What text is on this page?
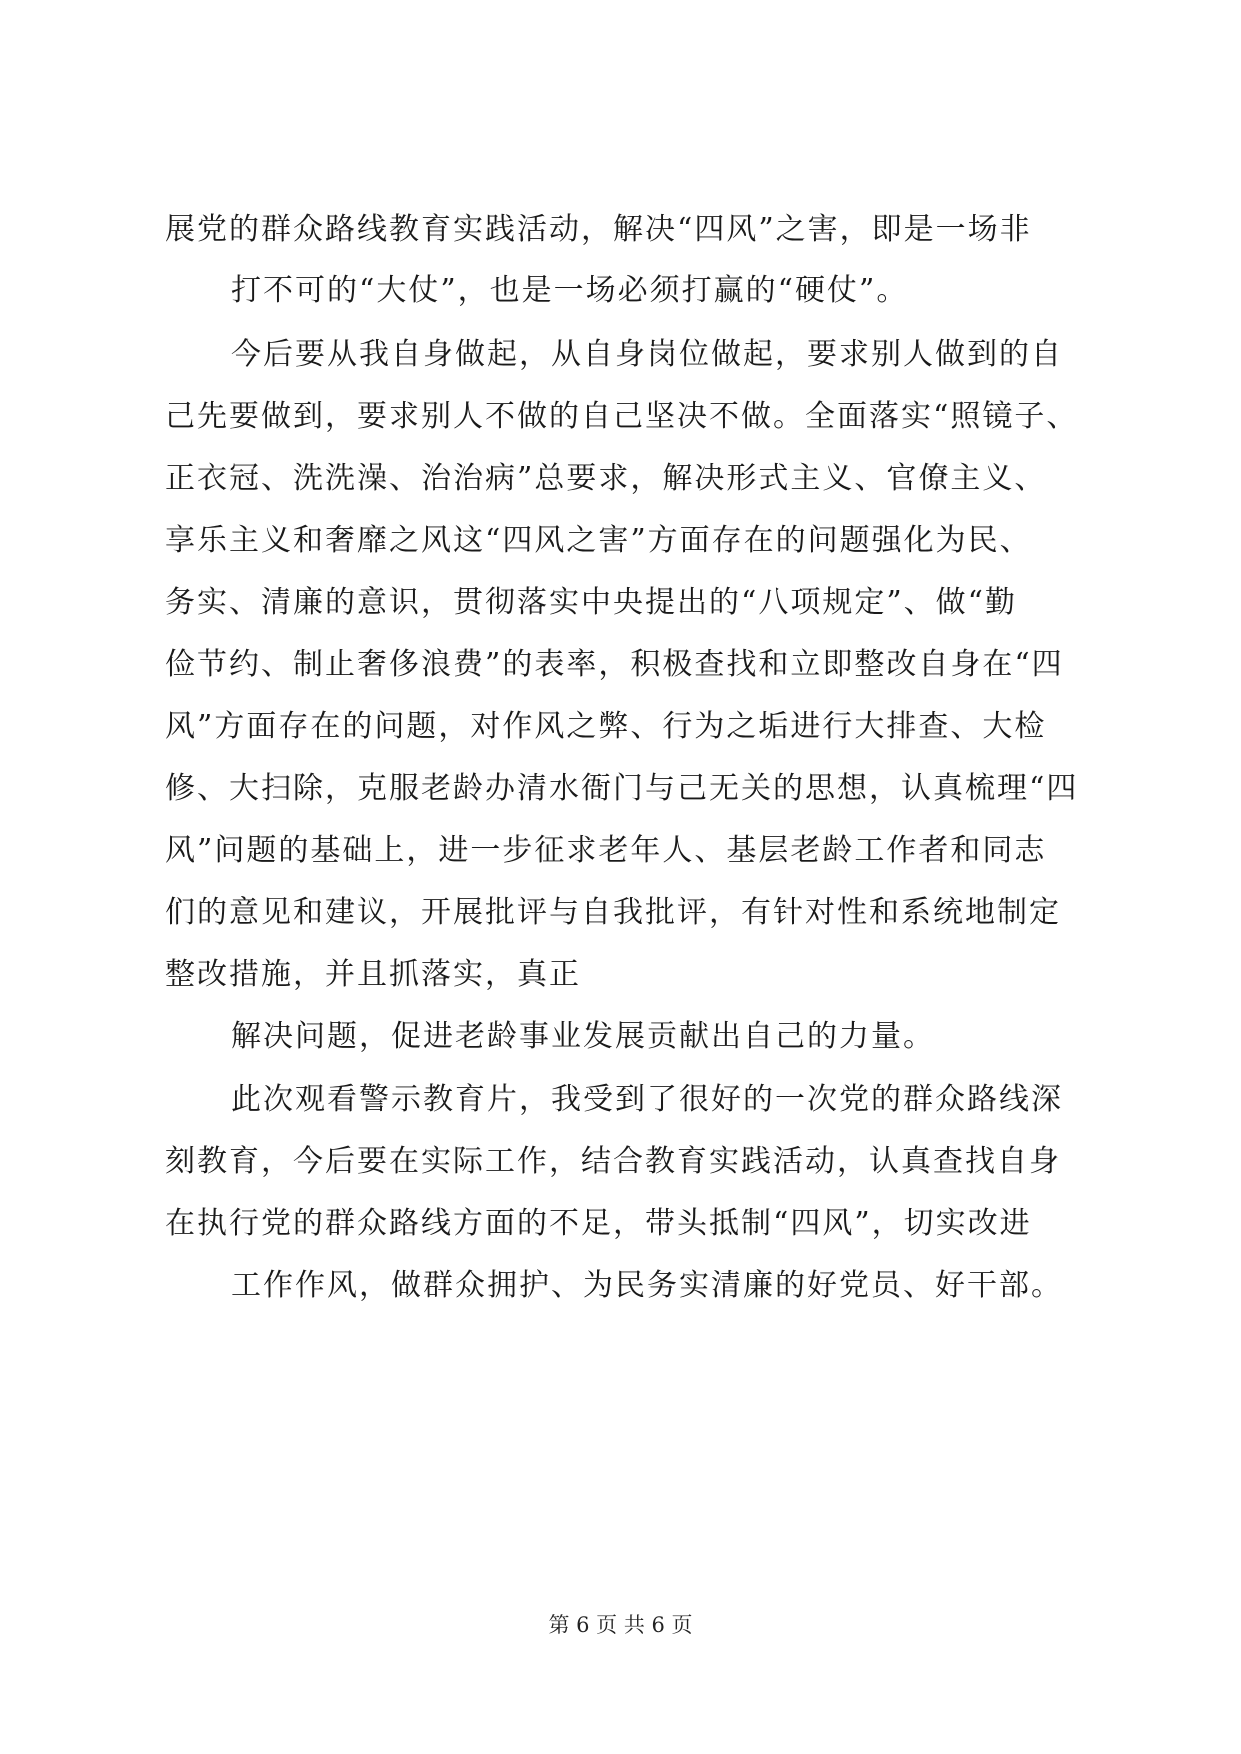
展党的群众路线教育实践活动，解决“四风”之害，即是一场非
打不可的“大仗”，也是一场必须打赢的“硬仗”。
今后要从我自身做起，从自身岗位做起，要求别人做到的自
己先要做到，要求别人不做的自己坚决不做。全面落实“照镜子、
正衣冠、洗洗澡、治治病”总要求，解决形式主义、官僚主义、
享乐主义和奢靡之风这“四风之害”方面存在的问题强化为民、
务实、清廉的意识，贯彻落实中央提出的“八项规定”、做“勤
俭节约、制止奢侈浪费”的表率，积极查找和立即整改自身在“四
风”方面存在的问题，对作风之弊、行为之垢进行大排查、大检
修、大扫除，克服老龄办清水衙门与己无关的思想，认真梳理“四
风”问题的基础上，进一步征求老年人、基层老龄工作者和同志
们的意见和建议，开展批评与自我批评，有针对性和系统地制定
整改措施，并且抓落实，真正
解决问题，促进老龄事业发展贡献出自己的力量。
此次观看警示教育片，我受到了很好的一次党的群众路线深
刻教育，今后要在实际工作，结合教育实践活动，认真查找自身
在执行党的群众路线方面的不足，带头抵制“四风”，切实改进
工作作风，做群众拥护、为民务实清廉的好党员、好干部。
第 6 页 共 6 页
